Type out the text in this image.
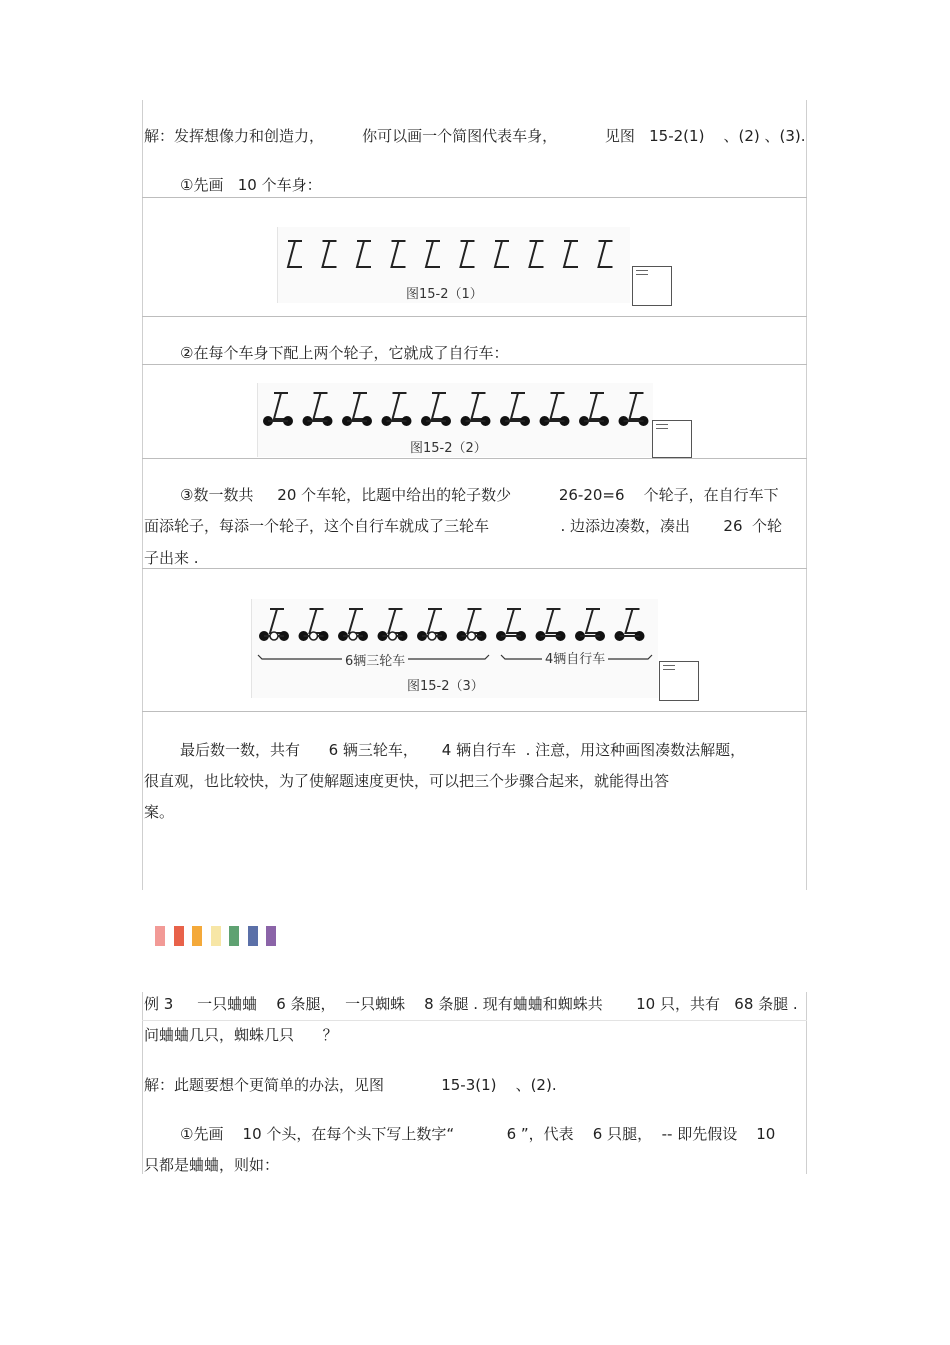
解：发挥想像力和创造力，        你可以画一个简图代表车身，          见图   15-2(1)    、(2) 、(3).
①先画   10 个车身：
图15-2（1）
②在每个车身下配上两个轮子，它就成了自行车：
图15-2（2）
③数一数共     20 个车轮，比题中给出的轮子数少          26-20=6    个轮子，在自行车下
面添轮子，每添一个轮子，这个自行车就成了三轮车               . 边添边凑数，凑出       26  个轮
子出来 .
6辆三轮车	4辆自行车
图15-2（3）
最后数一数，共有      6 辆三轮车，     4 辆自行车  . 注意，用这种画图凑数法解题，
很直观，也比较快，为了使解题速度更快，可以把三个步骤合起来，就能得出答
案。
例 3     一只蛐蛐    6 条腿，  一只蜘蛛    8 条腿 . 现有蛐蛐和蜘蛛共       10 只，共有   68 条腿 .
问蛐蛐几只，蜘蛛几只      ？
解：此题要想个更简单的办法，见图            15-3(1)    、(2).
①先画    10 个头，在每个头下写上数字“           6 ”，代表    6 只腿，  -- 即先假设    10
只都是蛐蛐，则如：
